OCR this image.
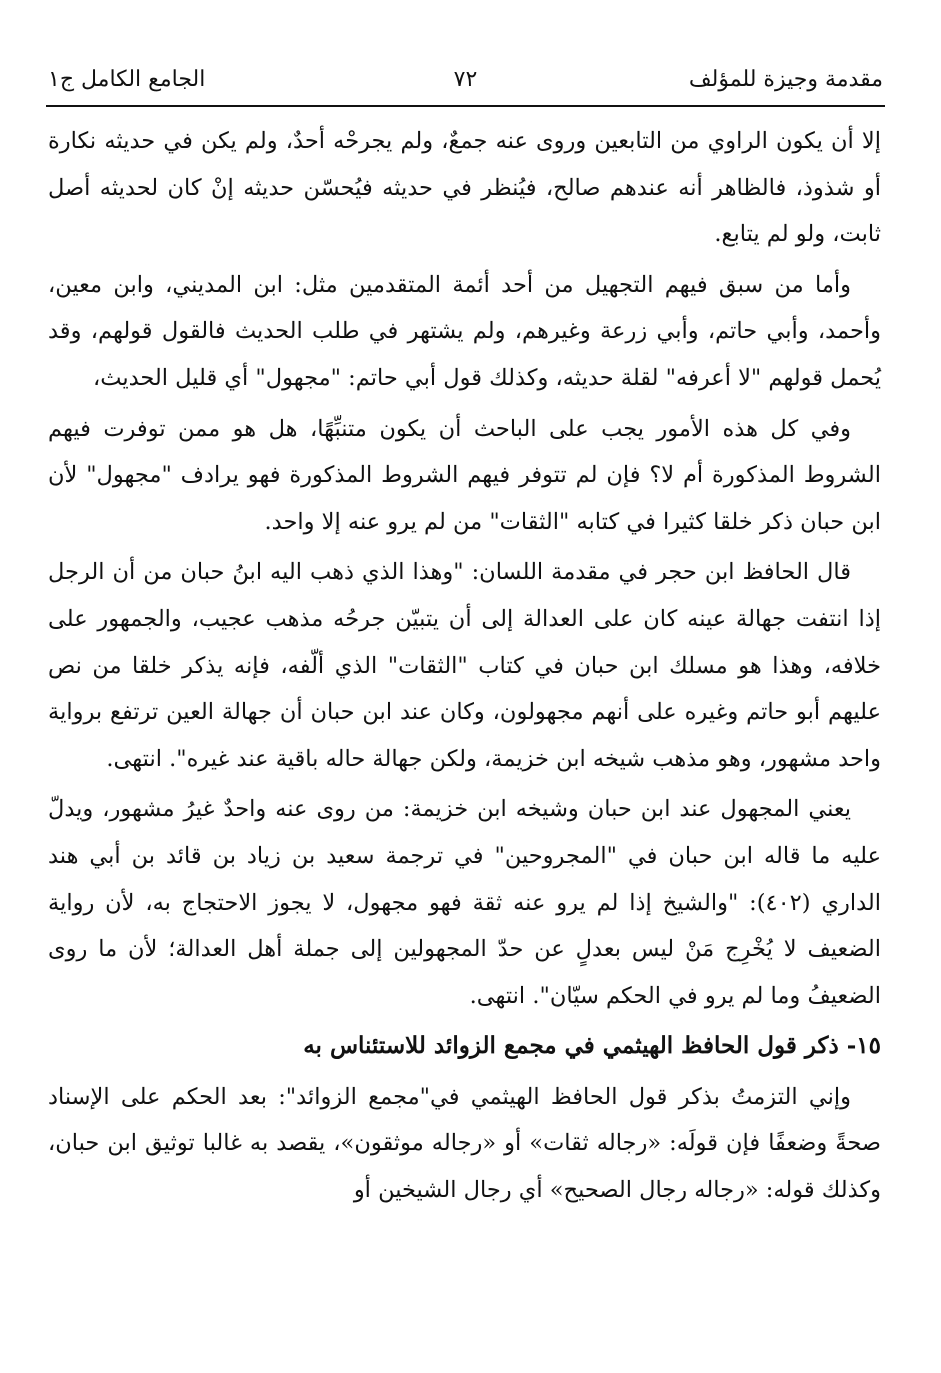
مقدمة وجيزة للمؤلف
٧٢
الجامع الكامل ج١

إلا أن يكون الراوي من التابعين وروى عنه جمعٌ، ولم يجرحْه أحدٌ، ولم يكن في حديثه نكارة أو شذوذ، فالظاهر أنه عندهم صالح، فيُنظر في حديثه فيُحسّن حديثه إنْ كان لحديثه أصل ثابت، ولو لم يتابع.

وأما من سبق فيهم التجهيل من أحد أئمة المتقدمين مثل: ابن المديني، وابن معين، وأحمد، وأبي حاتم، وأبي زرعة وغيرهم، ولم يشتهر في طلب الحديث فالقول قولهم، وقد يُحمل قولهم "لا أعرفه" لقلة حديثه، وكذلك قول أبي حاتم: "مجهول" أي قليل الحديث،

وفي كل هذه الأمور يجب على الباحث أن يكون متنبِّهًا، هل هو ممن توفرت فيهم الشروط المذكورة أم لا؟ فإن لم تتوفر فيهم الشروط المذكورة فهو يرادف "مجهول" لأن ابن حبان ذكر خلقا كثيرا في كتابه "الثقات" من لم يرو عنه إلا واحد.

قال الحافظ ابن حجر في مقدمة اللسان: "وهذا الذي ذهب اليه ابنُ حبان من أن الرجل إذا انتفت جهالة عينه كان على العدالة إلى أن يتبيّن جرحُه مذهب عجيب، والجمهور على خلافه، وهذا هو مسلك ابن حبان في كتاب "الثقات" الذي ألّفه، فإنه يذكر خلقا من نص عليهم أبو حاتم وغيره على أنهم مجهولون، وكان عند ابن حبان أن جهالة العين ترتفع برواية واحد مشهور، وهو مذهب شيخه ابن خزيمة، ولكن جهالة حاله باقية عند غيره". انتهى.

يعني المجهول عند ابن حبان وشيخه ابن خزيمة: من روى عنه واحدٌ غيرُ مشهور، ويدلّ عليه ما قاله ابن حبان في "المجروحين" في ترجمة سعيد بن زياد بن قائد بن أبي هند الداري (٤٠٢): "والشيخ إذا لم يرو عنه ثقة فهو مجهول، لا يجوز الاحتجاج به، لأن رواية الضعيف لا يُخْرِج مَنْ ليس بعدلٍ عن حدّ المجهولين إلى جملة أهل العدالة؛ لأن ما روى الضعيفُ وما لم يرو في الحكم سيّان". انتهى.

١٥- ذكر قول الحافظ الهيثمي في مجمع الزوائد للاستئناس به

وإني التزمتُ بذكر قول الحافظ الهيثمي في"مجمع الزوائد": بعد الحكم على الإسناد صحةً وضعفًا فإن قولَه: «رجاله ثقات» أو «رجاله موثقون»، يقصد به غالبا توثيق ابن حبان، وكذلك قوله: «رجاله رجال الصحيح» أي رجال الشيخين أو
